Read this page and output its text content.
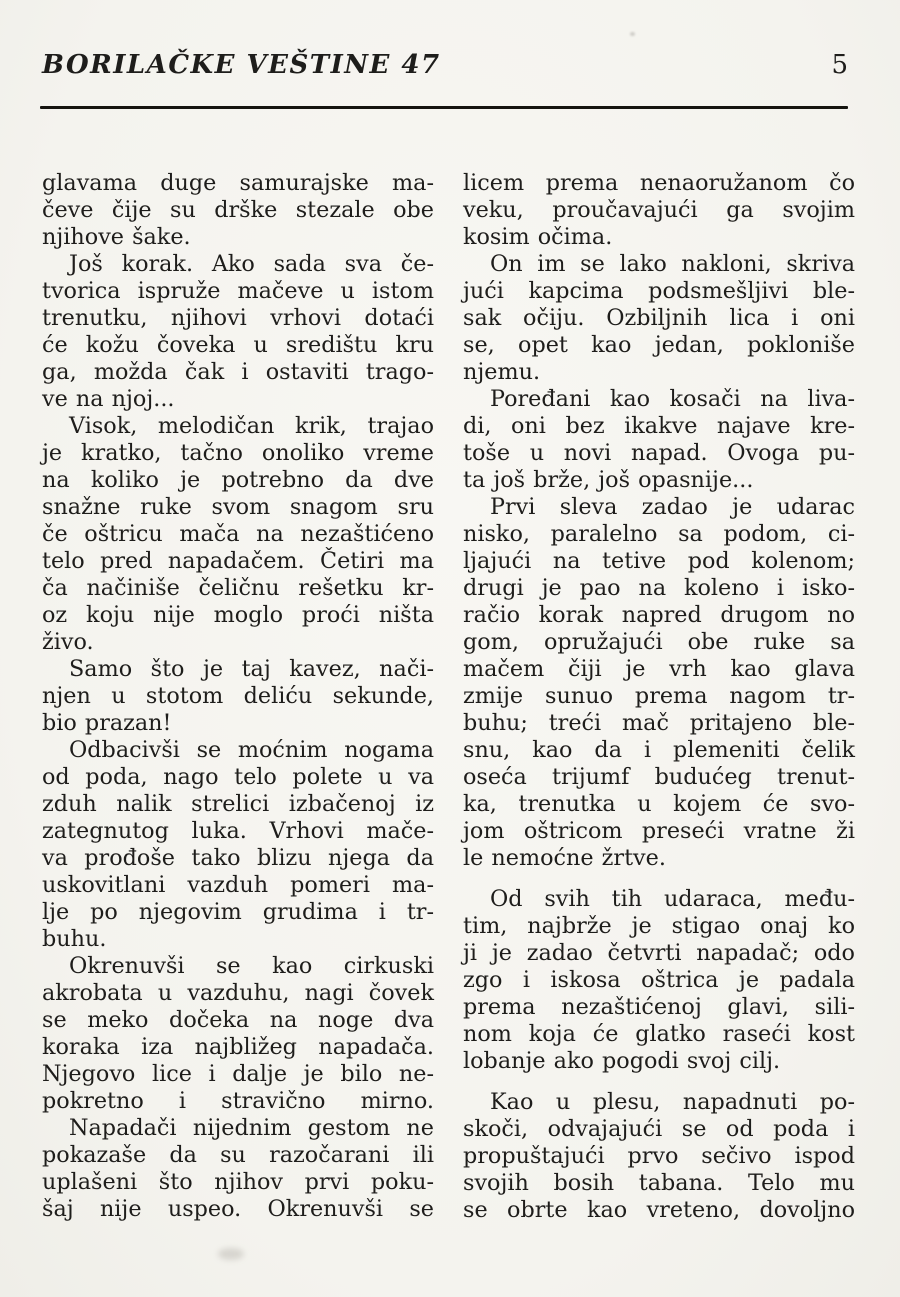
BORILAČKE VEŠTINE 47	5
glavama duge samurajske ma-
čeve čije su drške stezale obe
njihove šake.
Još korak. Ako sada sva če-
tvorica ispruže mačeve u istom
trenutku, njihovi vrhovi dotaći
će kožu čoveka u središtu kru
ga, možda čak i ostaviti trago-
ve na njoj...
Visok, melodičan krik, trajao
je kratko, tačno onoliko vreme
na koliko je potrebno da dve
snažne ruke svom snagom sru
če oštricu mača na nezaštićeno
telo pred napadačem. Četiri ma
ča načiniše čeličnu rešetku kr-
oz koju nije moglo proći ništa
živo.
Samo što je taj kavez, nači-
njen u stotom deliću sekunde,
bio prazan!
Odbacivši se moćnim nogama
od poda, nago telo polete u va
zduh nalik strelici izbačenoj iz
zategnutog luka. Vrhovi mače-
va prođoše tako blizu njega da
uskovitlani vazduh pomeri ma-
lje po njegovim grudima i tr-
buhu.
Okrenuvši se kao cirkuski
akrobata u vazduhu, nagi čovek
se meko dočeka na noge dva
koraka iza najbližeg napadača.
Njegovo lice i dalje je bilo ne-
pokretno i stravično mirno.
Napadači nijednim gestom ne
pokazaše da su razočarani ili
uplašeni što njihov prvi poku-
šaj nije uspeo. Okrenuvši se
licem prema nenaoružanom čo
veku, proučavajući ga svojim
kosim očima.
On im se lako nakloni, skriva
jući kapcima podsmešljivi ble-
sak očiju. Ozbiljnih lica i oni
se, opet kao jedan, pokloniše
njemu.
Poređani kao kosači na liva-
di, oni bez ikakve najave kre-
toše u novi napad. Ovoga pu-
ta još brže, još opasnije...
Prvi sleva zadao je udarac
nisko, paralelno sa podom, ci-
ljajući na tetive pod kolenom;
drugi je pao na koleno i isko-
račio korak napred drugom no
gom, opružajući obe ruke sa
mačem čiji je vrh kao glava
zmije sunuo prema nagom tr-
buhu; treći mač pritajeno ble-
snu, kao da i plemeniti čelik
oseća trijumf budućeg trenut-
ka, trenutka u kojem će svo-
jom oštricom preseći vratne ži
le nemoćne žrtve.
Od svih tih udaraca, među-
tim, najbrže je stigao onaj ko
ji je zadao četvrti napadač; odo
zgo i iskosa oštrica je padala
prema nezaštićenoj glavi, sili-
nom koja će glatko raseći kost
lobanje ako pogodi svoj cilj.
Kao u plesu, napadnuti po-
skoči, odvajajući se od poda i
propuštajući prvo sečivo ispod
svojih bosih tabana. Telo mu
se obrte kao vreteno, dovoljno
